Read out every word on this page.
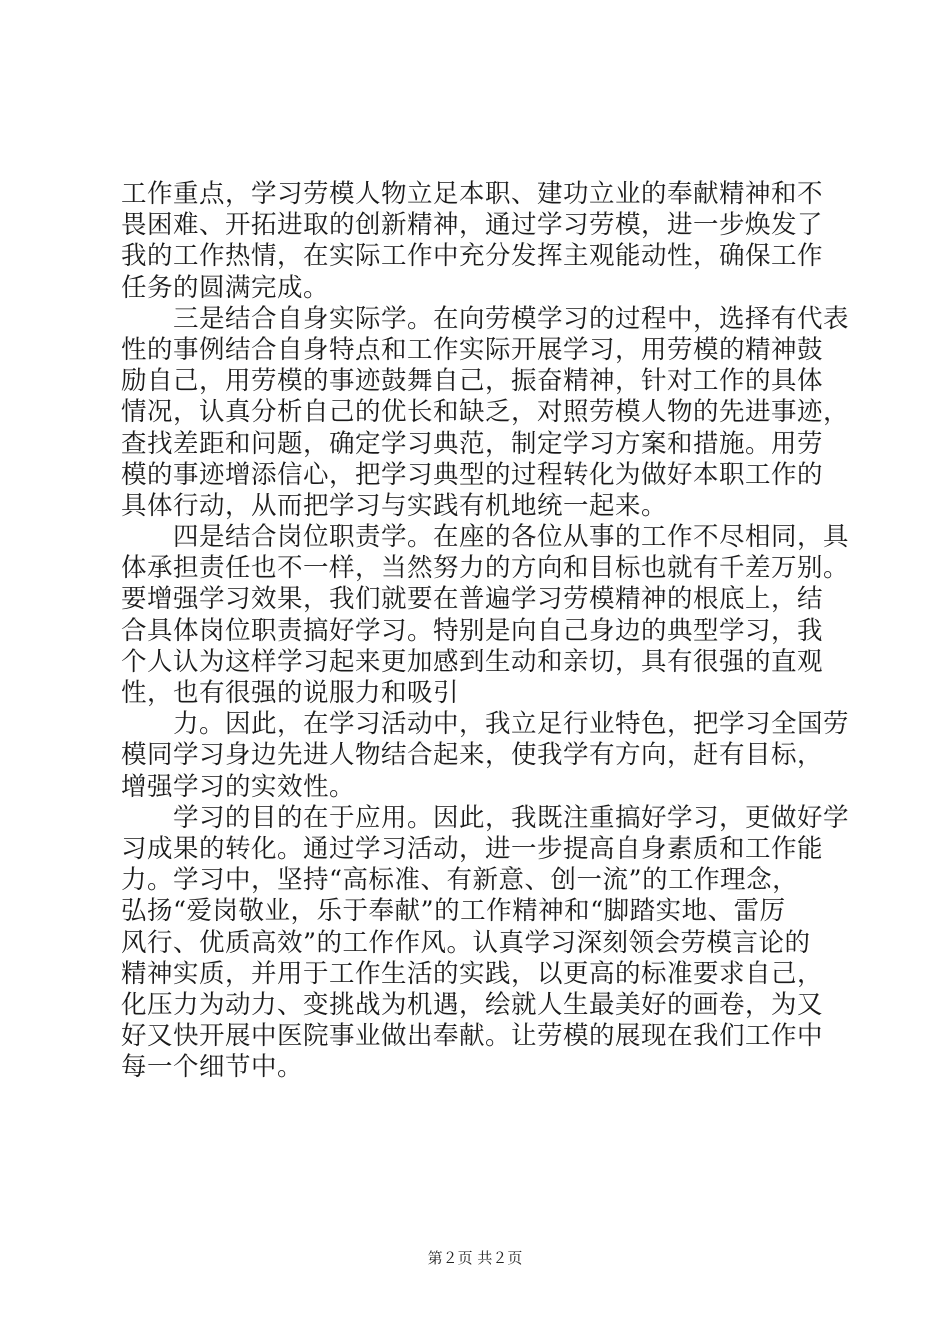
工作重点，学习劳模人物立足本职、建功立业的奉献精神和不
畏困难、开拓进取的创新精神，通过学习劳模，进一步焕发了
我的工作热情，在实际工作中充分发挥主观能动性，确保工作
任务的圆满完成。
　　三是结合自身实际学。在向劳模学习的过程中，选择有代表
性的事例结合自身特点和工作实际开展学习，用劳模的精神鼓
励自己，用劳模的事迹鼓舞自己，振奋精神，针对工作的具体
情况，认真分析自己的优长和缺乏，对照劳模人物的先进事迹，
查找差距和问题，确定学习典范，制定学习方案和措施。用劳
模的事迹增添信心，把学习典型的过程转化为做好本职工作的
具体行动，从而把学习与实践有机地统一起来。
　　四是结合岗位职责学。在座的各位从事的工作不尽相同，具
体承担责任也不一样，当然努力的方向和目标也就有千差万别。
要增强学习效果，我们就要在普遍学习劳模精神的根底上，结
合具体岗位职责搞好学习。特别是向自己身边的典型学习，我
个人认为这样学习起来更加感到生动和亲切，具有很强的直观
性，也有很强的说服力和吸引
　　力。因此，在学习活动中，我立足行业特色，把学习全国劳
模同学习身边先进人物结合起来，使我学有方向，赶有目标，
增强学习的实效性。
　　学习的目的在于应用。因此，我既注重搞好学习，更做好学
习成果的转化。通过学习活动，进一步提高自身素质和工作能
力。学习中，坚持“高标准、有新意、创一流”的工作理念，
弘扬“爱岗敬业，乐于奉献”的工作精神和“脚踏实地、雷厉
风行、优质高效”的工作作风。认真学习深刻领会劳模言论的
精神实质，并用于工作生活的实践，以更高的标准要求自己，
化压力为动力、变挑战为机遇，绘就人生最美好的画卷，为又
好又快开展中医院事业做出奉献。让劳模的展现在我们工作中
每一个细节中。
第２页 共２页
